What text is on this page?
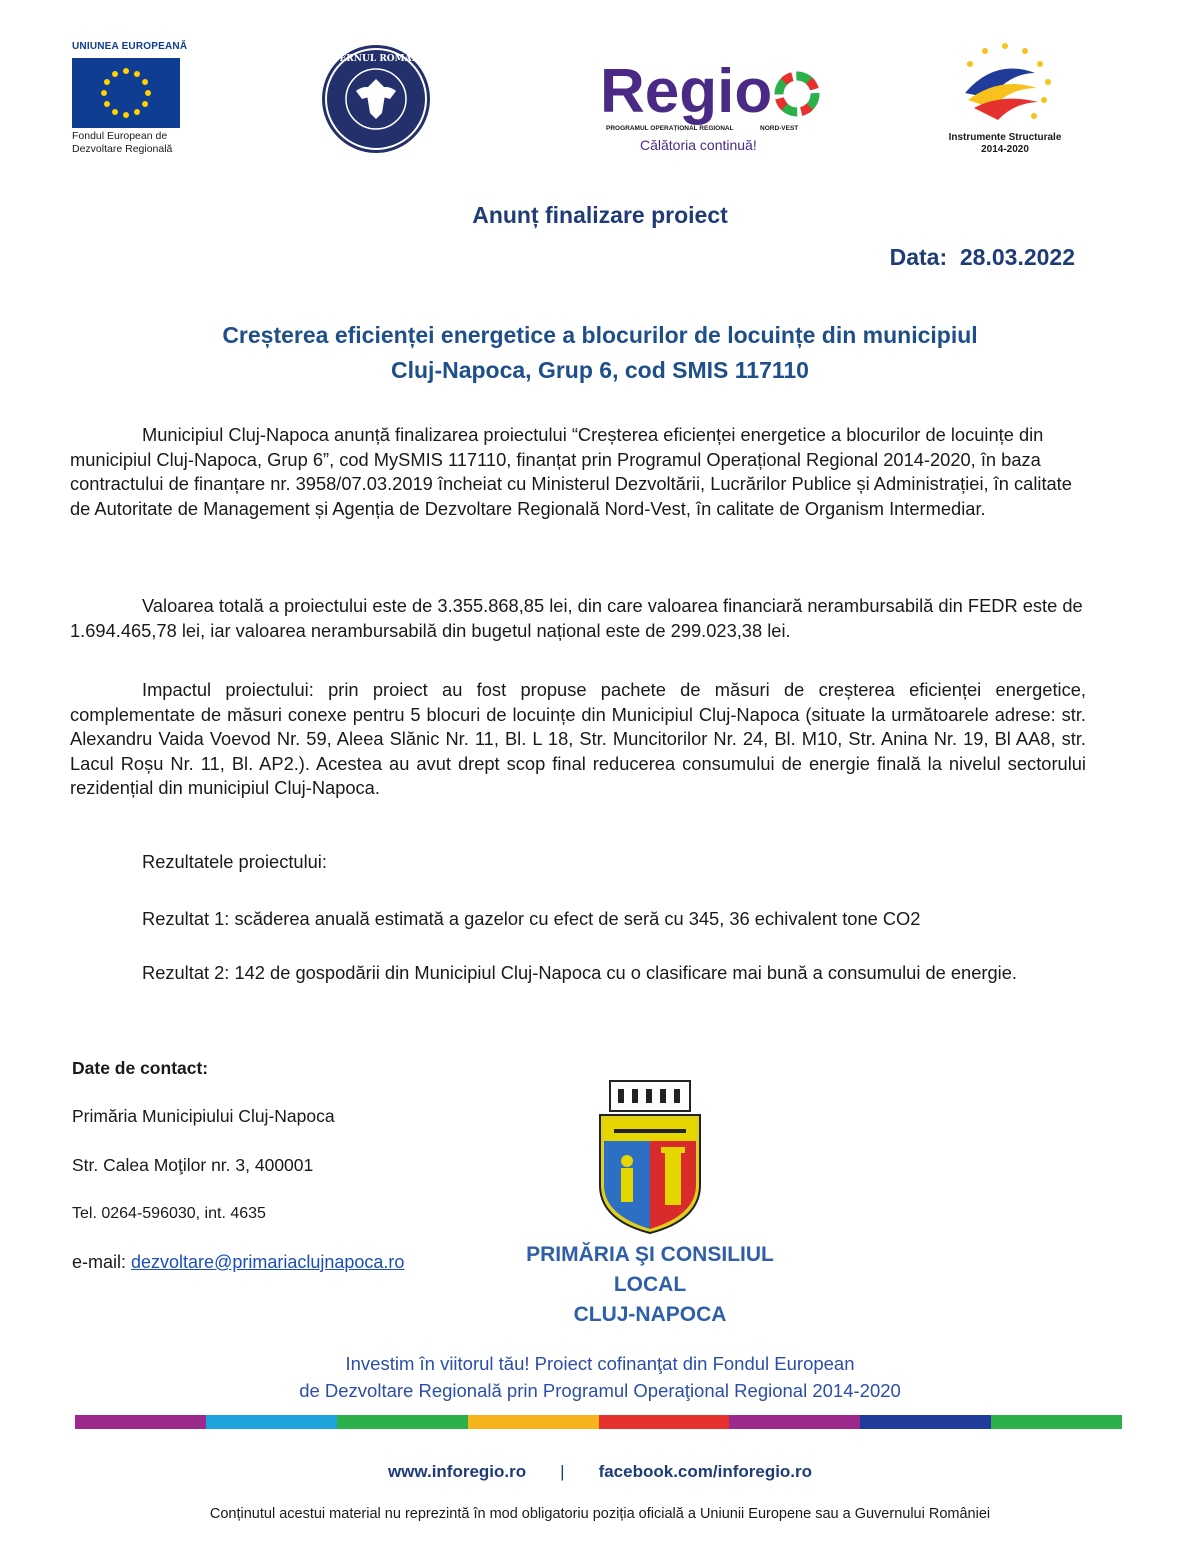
UNIUNEA EUROPEANĂ
Fondul European de
Dezvoltare Regională
GUVERNUL ROMÂNIEI	Regio
PROGRAMUL OPERAȚIONAL REGIONAL	NORD-VEST
Călătoria continuă!	Instrumente Structurale
2014-2020
Anunț finalizare proiect
Data:  28.03.2022
Creșterea eficienței energetice a blocurilor de locuințe din municipiul
Cluj-Napoca, Grup 6, cod SMIS 117110
Municipiul Cluj-Napoca anunță finalizarea proiectului “Creșterea eficienței energetice a blocurilor de locuințe din municipiul Cluj-Napoca, Grup 6”, cod MySMIS 117110, finanțat prin Programul Operațional Regional 2014-2020, în baza contractului de finanțare nr. 3958/07.03.2019 încheiat cu Ministerul Dezvoltării, Lucrărilor Publice și Administrației, în calitate de Autoritate de Management și Agenția de Dezvoltare Regională Nord-Vest, în calitate de Organism Intermediar.
Valoarea totală a proiectului este de 3.355.868,85 lei, din care valoarea financiară nerambursabilă din FEDR este de 1.694.465,78 lei, iar valoarea nerambursabilă din bugetul național este de 299.023,38 lei.
Impactul proiectului: prin proiect au fost propuse pachete de măsuri de creșterea eficienței energetice, complementate de măsuri conexe pentru 5 blocuri de locuințe din Municipiul Cluj-Napoca (situate la următoarele adrese: str. Alexandru Vaida Voevod Nr. 59, Aleea Slănic Nr. 11, Bl. L 18, Str. Muncitorilor Nr. 24, Bl. M10, Str. Anina Nr. 19, Bl AA8, str. Lacul Roșu Nr. 11, Bl. AP2.). Acestea au avut drept scop final reducerea consumului de energie finală la nivelul sectorului rezidențial din municipiul Cluj-Napoca.
Rezultatele proiectului:
Rezultat 1: scăderea anuală estimată a gazelor cu efect de seră cu 345, 36 echivalent tone CO2
Rezultat 2: 142 de gospodării din Municipiul Cluj-Napoca cu o clasificare mai bună a consumului de energie.
Date de contact:
Primăria Municipiului Cluj-Napoca
Str. Calea Moţilor nr. 3, 400001
Tel. 0264-596030, int. 4635
e-mail: dezvoltare@primariaclujnapoca.ro	PRIMĂRIA ŞI CONSILIUL LOCAL
CLUJ-NAPOCA
Investim în viitorul tău! Proiect cofinanţat din Fondul European
de Dezvoltare Regională prin Programul Operaţional Regional 2014-2020
www.inforegio.ro | facebook.com/inforegio.ro
Conținutul acestui material nu reprezintă în mod obligatoriu poziția oficială a Uniunii Europene sau a Guvernului României
